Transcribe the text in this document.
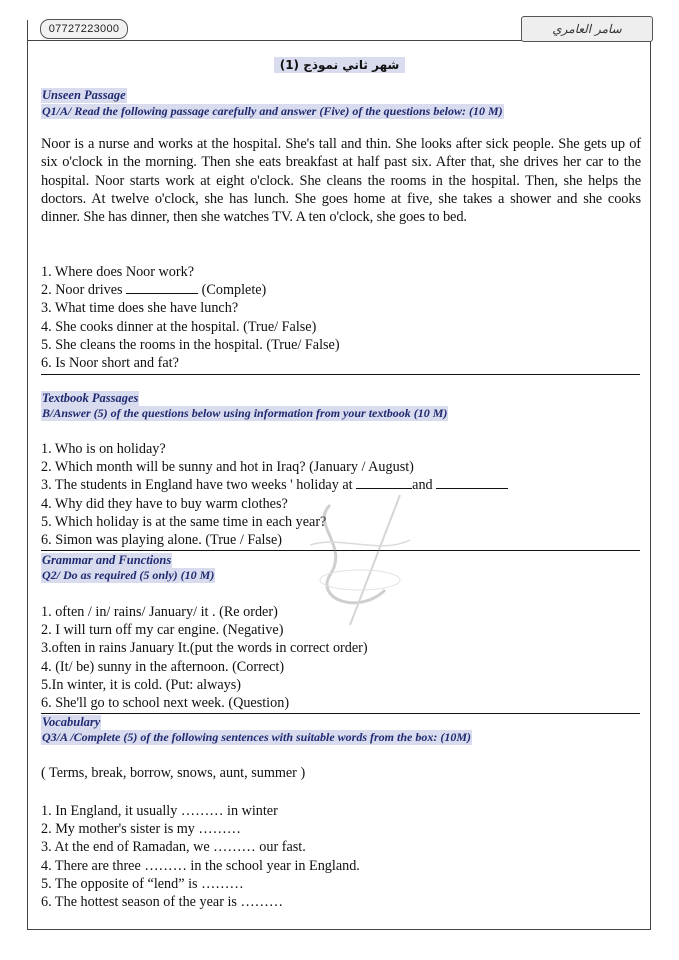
07727223000	سامر العامري
شهر ثاني نموذج (1)
Unseen Passage
Q1/A/ Read the following passage carefully and answer (Five) of the questions below: (10 M)
Noor is a nurse and works at the hospital. She's tall and thin. She looks after sick people. She gets up of six o'clock in the morning. Then she eats breakfast at half past six. After that, she drives her car to the hospital. Noor starts work at eight o'clock. She cleans the rooms in the hospital. Then, she helps the doctors. At twelve o'clock, she has lunch. She goes home at five, she takes a shower and she cooks dinner. She has dinner, then she watches TV. A ten o'clock, she goes to bed.
1. Where does Noor work?
2. Noor drives	(Complete)
3. What time does she have lunch?
4. She cooks dinner at the hospital. (True/ False)
5. She cleans the rooms in the hospital. (True/ False)
6. Is Noor short and fat?
Textbook Passages
B/Answer (5) of the questions below using information from your textbook (10 M)
1. Who is on holiday?
2. Which month will be sunny and hot in Iraq? (January / August)
3. The students in England have two weeks ' holiday at	and
4. Why did they have to buy warm clothes?
5. Which holiday is at the same time in each year?
6. Simon was playing alone. (True / False)
Grammar and Functions
Q2/ Do as required (5 only) (10 M)
1. often / in/ rains/ January/ it . (Re order)
2. I will turn off my car engine. (Negative)
3.often in rains January It.(put the words in correct order)
4. (It/ be) sunny in the afternoon. (Correct)
5.In winter, it is cold. (Put: always)
6. She'll go to school next week. (Question)
Vocabulary
Q3/A /Complete (5) of the following sentences with suitable words from the box: (10M)
( Terms, break, borrow, snows, aunt, summer )
1. In England, it usually ……… in winter
2. My mother's sister is my ………
3. At the end of Ramadan, we ……… our fast.
4. There are three ……… in the school year in England.
5. The opposite of “lend” is ………
6. The hottest season of the year is ………
